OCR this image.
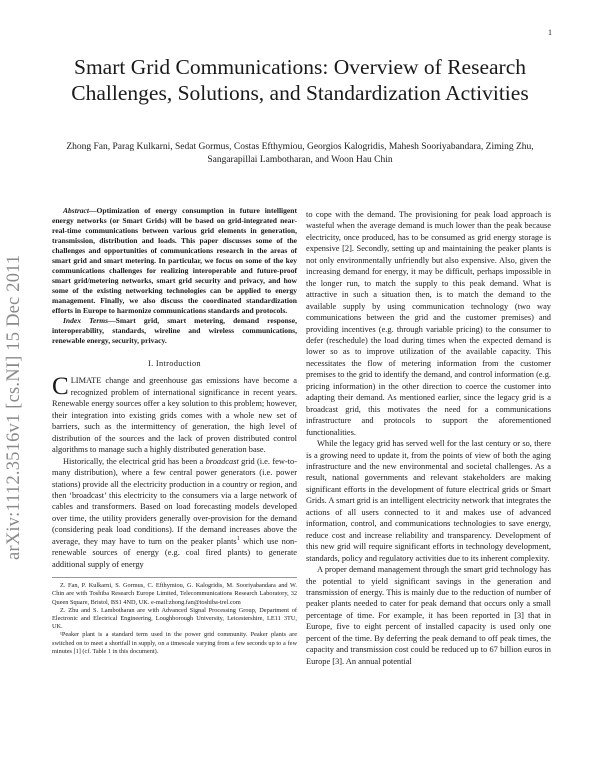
1
arXiv:1112.3516v1 [cs.NI] 15 Dec 2011
Smart Grid Communications: Overview of Research Challenges, Solutions, and Standardization Activities

Zhong Fan, Parag Kulkarni, Sedat Gormus, Costas Efthymiou, Georgios Kalogridis, Mahesh Sooriyabandara, Ziming Zhu, Sangarapillai Lambotharan, and Woon Hau Chin

Abstract—Optimization of energy consumption in future intelligent energy networks (or Smart Grids) will be based on grid-integrated near-real-time communications between various grid elements in generation, transmission, distribution and loads. This paper discusses some of the challenges and opportunities of communications research in the areas of smart grid and smart metering. In particular, we focus on some of the key communications challenges for realizing interoperable and future-proof smart grid/metering networks, smart grid security and privacy, and how some of the existing networking technologies can be applied to energy management. Finally, we also discuss the coordinated standardization efforts in Europe to harmonize communications standards and protocols.

Index Terms—Smart grid, smart metering, demand response, interoperability, standards, wireline and wireless communications, renewable energy, security, privacy.

I. Introduction

CLIMATE change and greenhouse gas emissions have become a recognized problem of international significance in recent years. Renewable energy sources offer a key solution to this problem; however, their integration into existing grids comes with a whole new set of barriers, such as the intermittency of generation, the high level of distribution of the sources and the lack of proven distributed control algorithms to manage such a highly distributed generation base.

Historically, the electrical grid has been a broadcast grid (i.e. few-to-many distribution), where a few central power generators (i.e. power stations) provide all the electricity production in a country or region, and then ‘broadcast’ this electricity to the consumers via a large network of cables and transformers. Based on load forecasting models developed over time, the utility providers generally over-provision for the demand (considering peak load conditions). If the demand increases above the average, they may have to turn on the peaker plants$^1$ which use non-renewable sources of energy (e.g. coal fired plants) to generate additional supply of energy

Z. Fan, P. Kulkarni, S. Gormus, C. Efthymiou, G. Kalogridis, M. Sooriyabandara and W. Chin are with Toshiba Research Europe Limited, Telecommunications Research Laboratory, 32 Queen Square, Bristol, BS1 4ND, UK. e-mail:zhong.fan@toshiba-trel.com

Z. Zhu and S. Lambotharan are with Advanced Signal Processing Group, Department of Electronic and Electrical Engineering, Loughborough University, Leicestershire, LE11 3TU, UK.

¹Peaker plant is a standard term used in the power grid community. Peaker plants are switched on to meet a shortfall in supply, on a timescale varying from a few seconds up to a few minutes [1] (cf. Table 1 in this document).

to cope with the demand. The provisioning for peak load approach is wasteful when the average demand is much lower than the peak because electricity, once produced, has to be consumed as grid energy storage is expensive [2]. Secondly, setting up and maintaining the peaker plants is not only environmentally unfriendly but also expensive. Also, given the increasing demand for energy, it may be difficult, perhaps impossible in the longer run, to match the supply to this peak demand. What is attractive in such a situation then, is to match the demand to the available supply by using communication technology (two way communications between the grid and the customer premises) and providing incentives (e.g. through variable pricing) to the consumer to defer (reschedule) the load during times when the expected demand is lower so as to improve utilization of the available capacity. This necessitates the flow of metering information from the customer premises to the grid to identify the demand, and control information (e.g. pricing information) in the other direction to coerce the customer into adapting their demand. As mentioned earlier, since the legacy grid is a broadcast grid, this motivates the need for a communications infrastructure and protocols to support the aforementioned functionalities.

While the legacy grid has served well for the last century or so, there is a growing need to update it, from the points of view of both the aging infrastructure and the new environmental and societal challenges. As a result, national governments and relevant stakeholders are making significant efforts in the development of future electrical grids or Smart Grids. A smart grid is an intelligent electricity network that integrates the actions of all users connected to it and makes use of advanced information, control, and communications technologies to save energy, reduce cost and increase reliability and transparency. Development of this new grid will require significant efforts in technology development, standards, policy and regulatory activities due to its inherent complexity.

A proper demand management through the smart grid technology has the potential to yield significant savings in the generation and transmission of energy. This is mainly due to the reduction of number of peaker plants needed to cater for peak demand that occurs only a small percentage of time. For example, it has been reported in [3] that in Europe, five to eight percent of installed capacity is used only one percent of the time. By deferring the peak demand to off peak times, the capacity and transmission cost could be reduced up to 67 billion euros in Europe [3]. An annual potential
